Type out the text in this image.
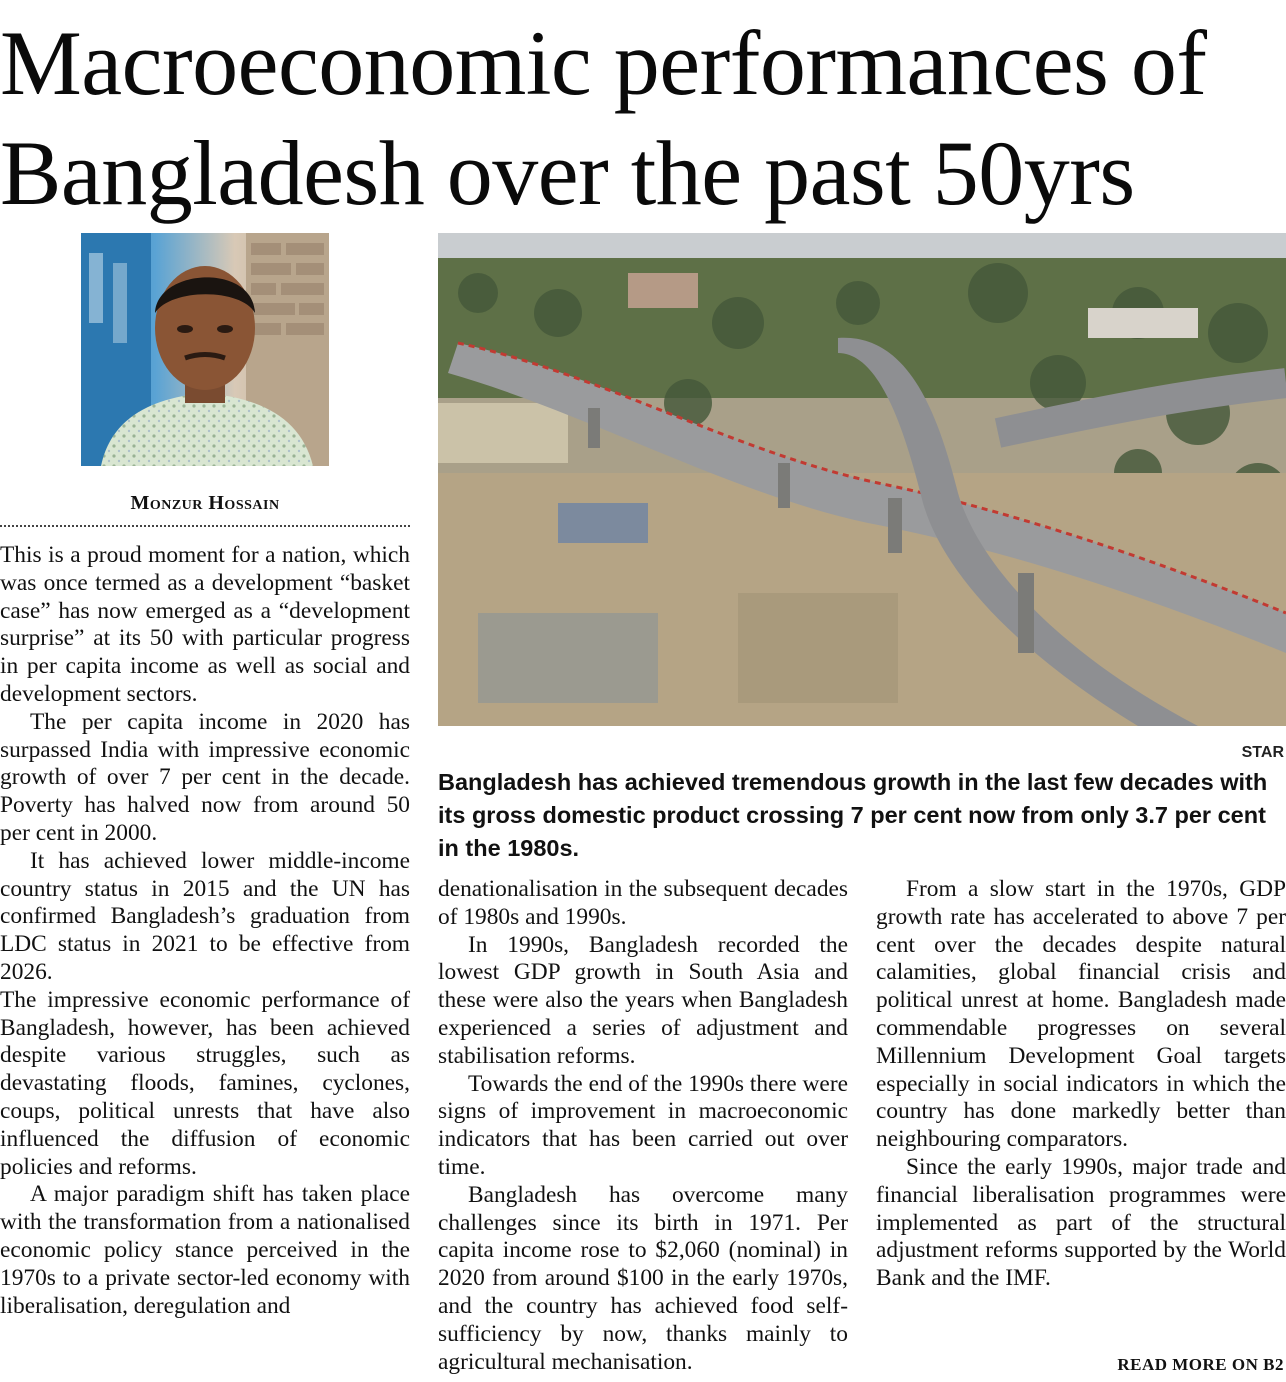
Macroeconomic performances of
Bangladesh over the past 50yrs
Monzur Hossain
STAR
Bangladesh has achieved tremendous growth in the last few decades with its gross domestic product crossing 7 per cent now from only 3.7 per cent in the 1980s.

This is a proud moment for a nation, which was once termed as a development “basket case” has now emerged as a “development surprise” at its 50 with particular progress in per capita income as well as social and development sectors.

The per capita income in 2020 has surpassed India with impressive economic growth of over 7 per cent in the decade. Poverty has halved now from around 50 per cent in 2000.

It has achieved lower middle-income country status in 2015 and the UN has confirmed Bangladesh’s graduation from LDC status in 2021 to be effective from 2026.

The impressive economic performance of Bangladesh, however, has been achieved despite various struggles, such as devastating floods, famines, cyclones, coups, political unrests that have also influenced the diffusion of economic policies and reforms.

A major paradigm shift has taken place with the transformation from a nationalised economic policy stance perceived in the 1970s to a private sector-led economy with liberalisation, deregulation and

denationalisation in the subsequent decades of 1980s and 1990s.

In 1990s, Bangladesh recorded the lowest GDP growth in South Asia and these were also the years when Bangladesh experienced a series of adjustment and stabilisation reforms.

Towards the end of the 1990s there were signs of improvement in macroeconomic indicators that has been carried out over time.

Bangladesh has overcome many challenges since its birth in 1971. Per capita income rose to $2,060 (nominal) in 2020 from around $100 in the early 1970s, and the country has achieved food self-sufficiency by now, thanks mainly to agricultural mechanisation.

From a slow start in the 1970s, GDP growth rate has accelerated to above 7 per cent over the decades despite natural calamities, global financial crisis and political unrest at home. Bangladesh made commendable progresses on several Millennium Development Goal targets especially in social indicators in which the country has done markedly better than neighbouring comparators.

Since the early 1990s, major trade and financial liberalisation programmes were implemented as part of the structural adjustment reforms supported by the World Bank and the IMF.

READ MORE ON B2
